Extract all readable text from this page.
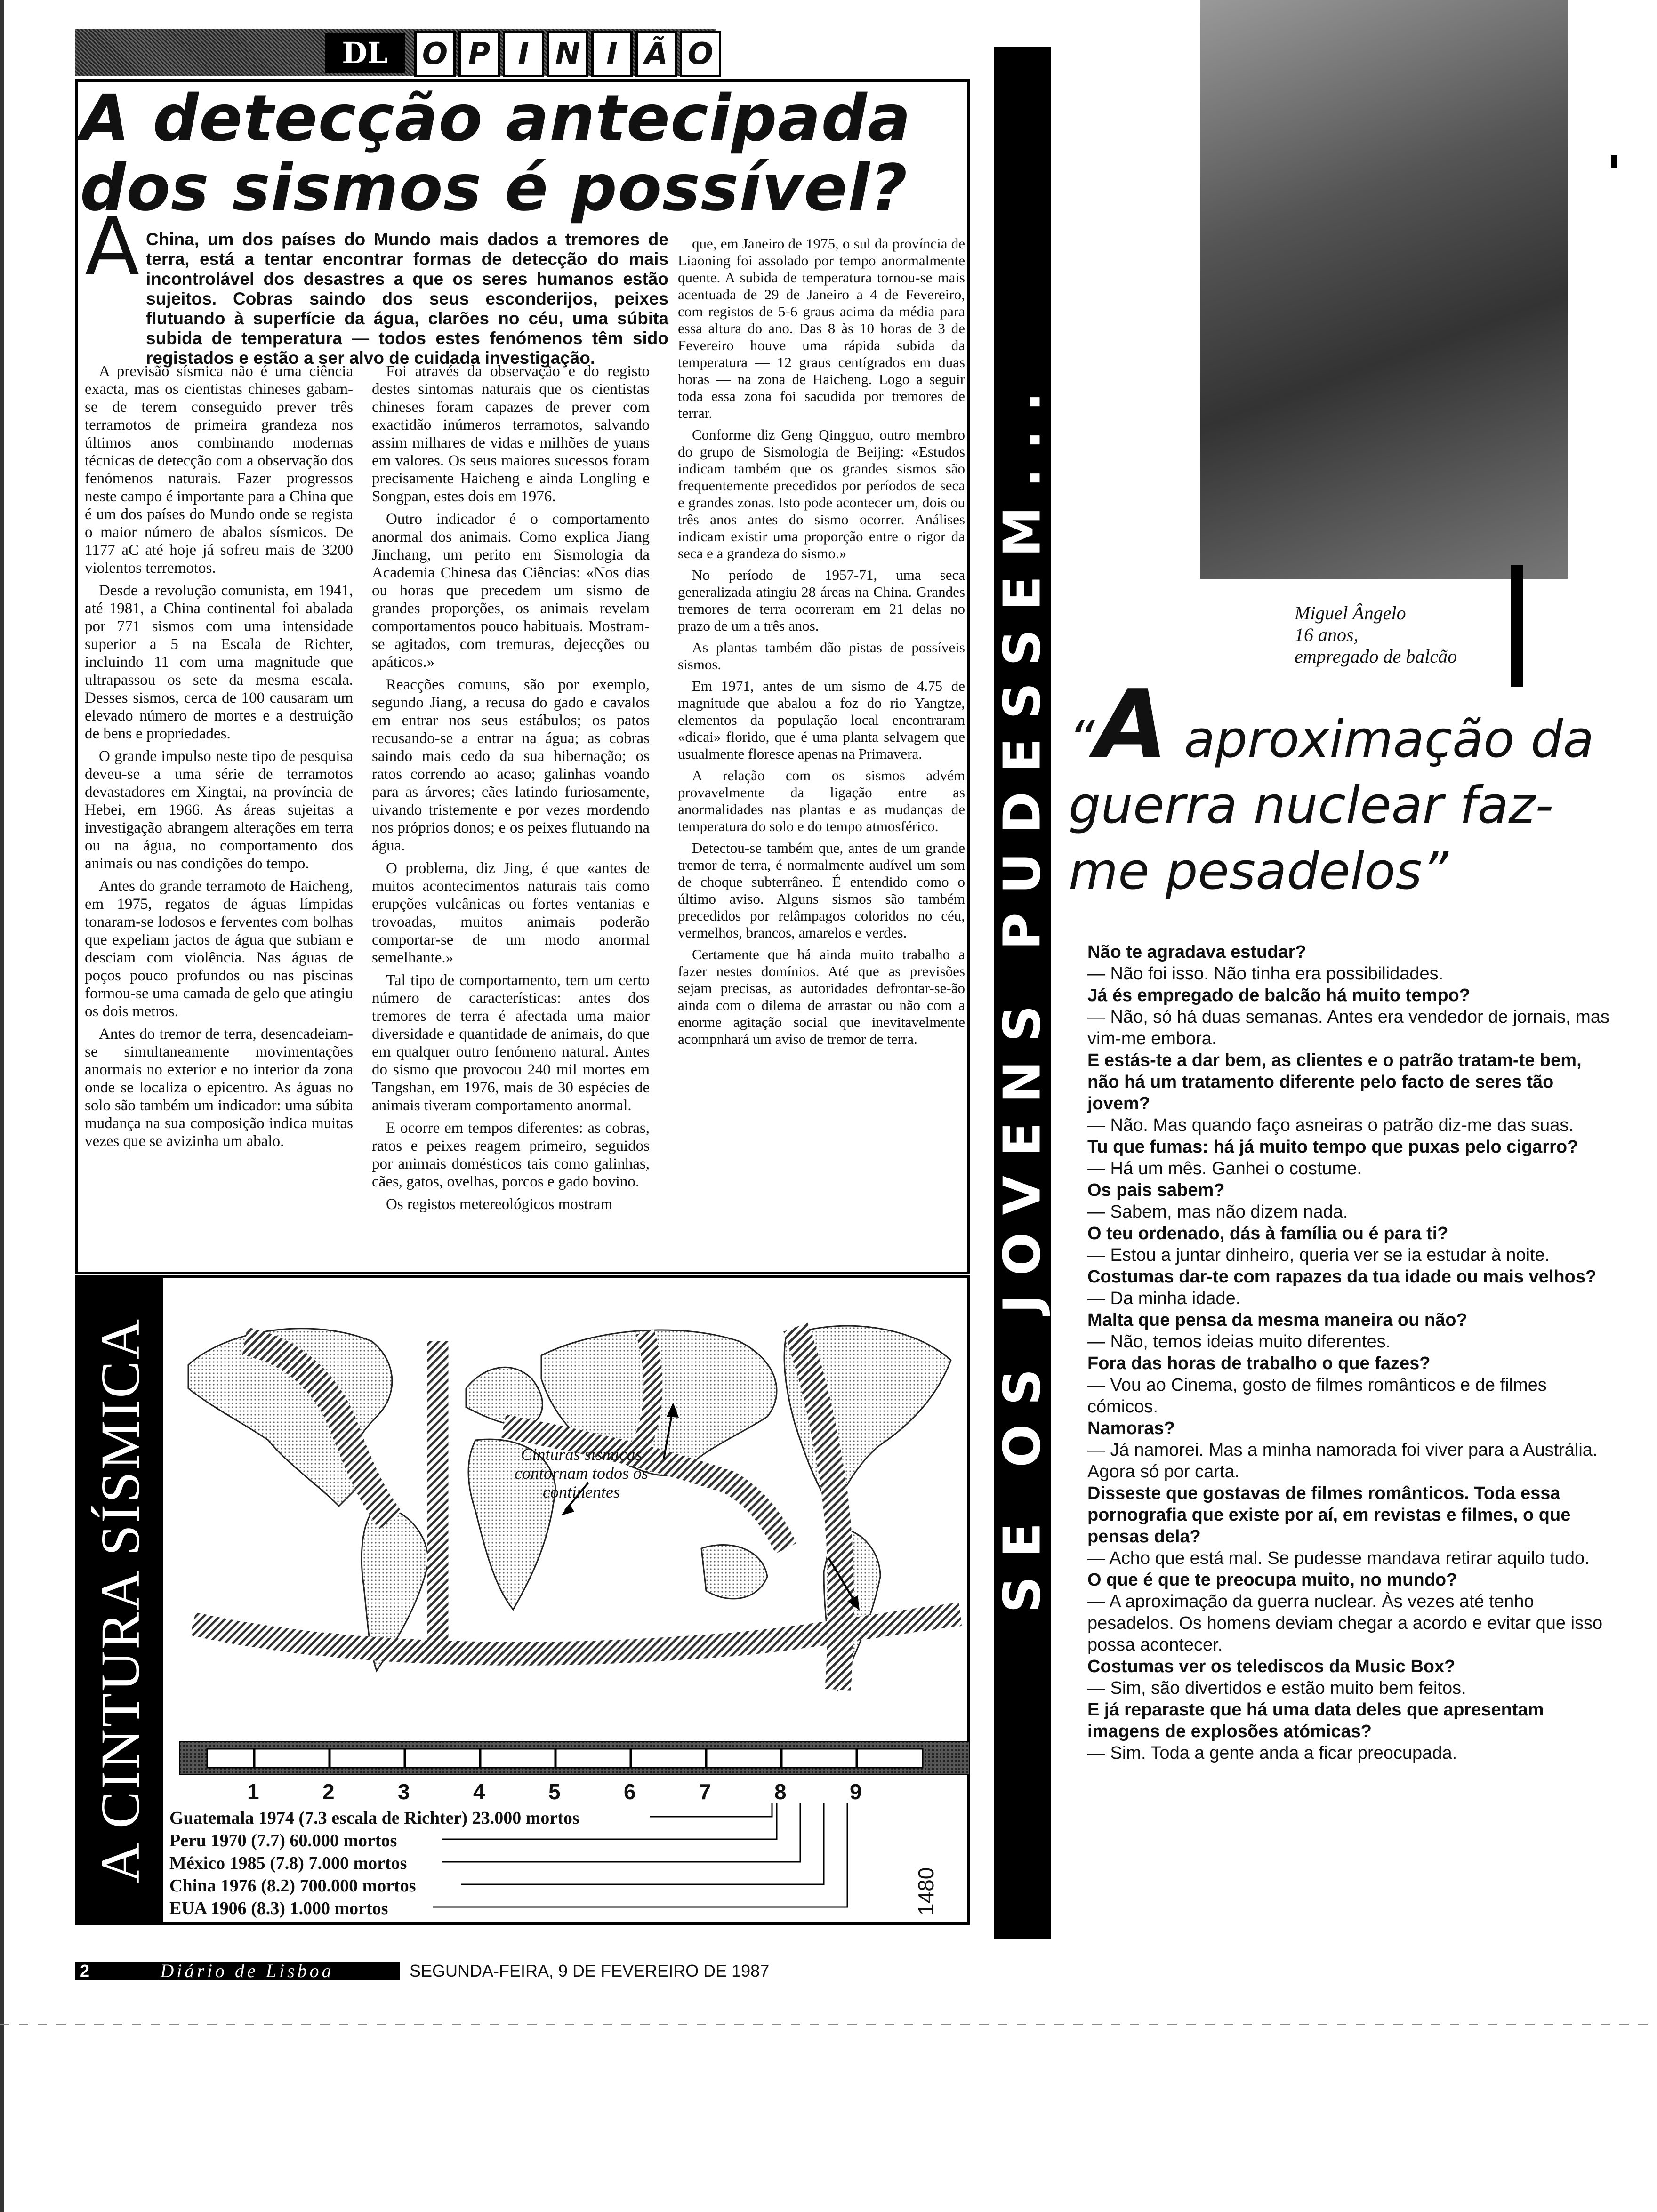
DL	O P I N I Ã O
A detecção antecipada dos sismos é possível?
A China, um dos países do Mundo mais dados a tremores de terra, está a tentar encontrar formas de detecção do mais incontrolável dos desastres a que os seres humanos estão sujeitos. Cobras saindo dos seus esconderijos, peixes flutuando à superfície da água, clarões no céu, uma súbita subida de temperatura — todos estes fenómenos têm sido registados e estão a ser alvo de cuidada investigação.

A previsão sísmica não é uma ciência exacta, mas os cientistas chineses gabam-se de terem conseguido prever três terramotos de primeira grandeza nos últimos anos combinando modernas técnicas de detecção com a observação dos fenómenos naturais. Fazer progressos neste campo é importante para a China que é um dos países do Mundo onde se regista o maior número de abalos sísmicos. De 1177 aC até hoje já sofreu mais de 3200 violentos terremotos.

Desde a revolução comunista, em 1941, até 1981, a China continental foi abalada por 771 sismos com uma intensidade superior a 5 na Escala de Richter, incluindo 11 com uma magnitude que ultrapassou os sete da mesma escala. Desses sismos, cerca de 100 causaram um elevado número de mortes e a destruição de bens e propriedades.

O grande impulso neste tipo de pesquisa deveu-se a uma série de terramotos devastadores em Xingtai, na província de Hebei, em 1966. As áreas sujeitas a investigação abrangem alterações em terra ou na água, no comportamento dos animais ou nas condições do tempo.

Antes do grande terramoto de Haicheng, em 1975, regatos de águas límpidas tonaram-se lodosos e ferventes com bolhas que expeliam jactos de água que subiam e desciam com violência. Nas águas de poços pouco profundos ou nas piscinas formou-se uma camada de gelo que atingiu os dois metros.

Antes do tremor de terra, desencadeiam-se simultaneamente movimentações anormais no exterior e no interior da zona onde se localiza o epicentro. As águas no solo são também um indicador: uma súbita mudança na sua composição indica muitas vezes que se avizinha um abalo.

Foi através da observação e do registo destes sintomas naturais que os cientistas chineses foram capazes de prever com exactidão inúmeros terramotos, salvando assim milhares de vidas e milhões de yuans em valores. Os seus maiores sucessos foram precisamente Haicheng e ainda Longling e Songpan, estes dois em 1976.

Outro indicador é o comportamento anormal dos animais. Como explica Jiang Jinchang, um perito em Sismologia da Academia Chinesa das Ciências: «Nos dias ou horas que precedem um sismo de grandes proporções, os animais revelam comportamentos pouco habituais. Mostram-se agitados, com tremuras, dejecções ou apáticos.»

Reacções comuns, são por exemplo, segundo Jiang, a recusa do gado e cavalos em entrar nos seus estábulos; os patos recusando-se a entrar na água; as cobras saindo mais cedo da sua hibernação; os ratos correndo ao acaso; galinhas voando para as árvores; cães latindo furiosamente, uivando tristemente e por vezes mordendo nos próprios donos; e os peixes flutuando na água.

O problema, diz Jing, é que «antes de muitos acontecimentos naturais tais como erupções vulcânicas ou fortes ventanias e trovoadas, muitos animais poderão comportar-se de um modo anormal semelhante.»

Tal tipo de comportamento, tem um certo número de características: antes dos tremores de terra é afectada uma maior diversidade e quantidade de animais, do que em qualquer outro fenómeno natural. Antes do sismo que provocou 240 mil mortes em Tangshan, em 1976, mais de 30 espécies de animais tiveram comportamento anormal.

E ocorre em tempos diferentes: as cobras, ratos e peixes reagem primeiro, seguidos por animais domésticos tais como galinhas, cães, gatos, ovelhas, porcos e gado bovino.

Os registos metereológicos mostram

que, em Janeiro de 1975, o sul da província de Liaoning foi assolado por tempo anormalmente quente. A subida de temperatura tornou-se mais acentuada de 29 de Janeiro a 4 de Fevereiro, com registos de 5-6 graus acima da média para essa altura do ano. Das 8 às 10 horas de 3 de Fevereiro houve uma rápida subida da temperatura — 12 graus centígrados em duas horas — na zona de Haicheng. Logo a seguir toda essa zona foi sacudida por tremores de terrar.

Conforme diz Geng Qingguo, outro membro do grupo de Sismologia de Beijing: «Estudos indicam também que os grandes sismos são frequentemente precedidos por períodos de seca e grandes zonas. Isto pode acontecer um, dois ou três anos antes do sismo ocorrer. Análises indicam existir uma proporção entre o rigor da seca e a grandeza do sismo.»

No período de 1957-71, uma seca generalizada atingiu 28 áreas na China. Grandes tremores de terra ocorreram em 21 delas no prazo de um a três anos.

As plantas também dão pistas de possíveis sismos.

Em 1971, antes de um sismo de 4.75 de magnitude que abalou a foz do rio Yangtze, elementos da população local encontraram «dicai» florido, que é uma planta selvagem que usualmente floresce apenas na Primavera.

A relação com os sismos advém provavelmente da ligação entre as anormalidades nas plantas e as mudanças de temperatura do solo e do tempo atmosférico.

Detectou-se também que, antes de um grande tremor de terra, é normalmente audível um som de choque subterrâneo. É entendido como o último aviso. Alguns sismos são também precedidos por relâmpagos coloridos no céu, vermelhos, brancos, amarelos e verdes.

Certamente que há ainda muito trabalho a fazer nestes domínios. Até que as previsões sejam precisas, as autoridades defrontar-se-ão ainda com o dilema de arrastar ou não com a enorme agitação social que inevitavelmente acompnhará um aviso de tremor de terra.

A CINTURA SÍSMICA	Cinturas sísmicas contornam todos os continentes
1	2	3	4	5	6	7	8	9
Guatemala 1974 (7.3 escala de Richter) 23.000 mortos
Peru 1970 (7.7) 60.000 mortos
México 1985 (7.8) 7.000 mortos
China 1976 (8.2) 700.000 mortos
EUA 1906 (8.3) 1.000 mortos	1480
2	Diário de Lisboa	SEGUNDA-FEIRA, 9 DE FEVEREIRO DE 1987
SE OS JOVENS PUDESSEM...	Miguel Ângelo
16 anos,
empregado de balcão
“A aproximação da guerra nuclear faz-me pesadelos”
Não te agradava estudar?
— Não foi isso. Não tinha era possibilidades.
Já és empregado de balcão há muito tempo?
— Não, só há duas semanas. Antes era vendedor de jornais, mas vim-me embora.
E estás-te a dar bem, as clientes e o patrão tratam-te bem, não há um tratamento diferente pelo facto de seres tão jovem?
— Não. Mas quando faço asneiras o patrão diz-me das suas.
Tu que fumas: há já muito tempo que puxas pelo cigarro?
— Há um mês. Ganhei o costume.
Os pais sabem?
— Sabem, mas não dizem nada.
O teu ordenado, dás à família ou é para ti?
— Estou a juntar dinheiro, queria ver se ia estudar à noite.
Costumas dar-te com rapazes da tua idade ou mais velhos?
— Da minha idade.
Malta que pensa da mesma maneira ou não?
— Não, temos ideias muito diferentes.
Fora das horas de trabalho o que fazes?
— Vou ao Cinema, gosto de filmes românticos e de filmes cómicos.
Namoras?
— Já namorei. Mas a minha namorada foi viver para a Austrália. Agora só por carta.
Disseste que gostavas de filmes românticos. Toda essa pornografia que existe por aí, em revistas e filmes, o que pensas dela?
— Acho que está mal. Se pudesse mandava retirar aquilo tudo.
O que é que te preocupa muito, no mundo?
— A aproximação da guerra nuclear. Às vezes até tenho pesadelos. Os homens deviam chegar a acordo e evitar que isso possa acontecer.
Costumas ver os telediscos da Music Box?
— Sim, são divertidos e estão muito bem feitos.
E já reparaste que há uma data deles que apresentam imagens de explosões atómicas?
— Sim. Toda a gente anda a ficar preocupada.
